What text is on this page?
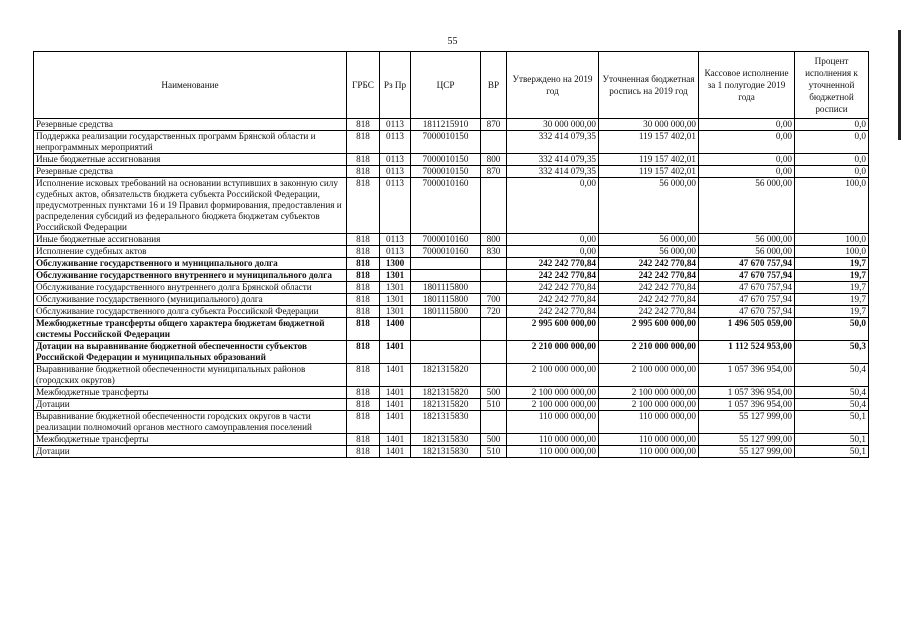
55
Наименование	ГРБС	Рз Пр	ЦСР	ВР	Утверждено на 2019 год	Уточненная бюджетная роспись на 2019 год	Кассовое исполнение за 1 полугодие 2019 года	Процент исполнения к уточненной бюджетной росписи
Резервные средства	818	0113	1811215910	870	30 000 000,00	30 000 000,00	0,00	0,0
Поддержка реализации государственных программ Брянской области и непрограммных мероприятий	818	0113	7000010150		332 414 079,35	119 157 402,01	0,00	0,0
Иные бюджетные ассигнования	818	0113	7000010150	800	332 414 079,35	119 157 402,01	0,00	0,0
Резервные средства	818	0113	7000010150	870	332 414 079,35	119 157 402,01	0,00	0,0
Исполнение исковых требований на основании вступивших в законную силу судебных актов, обязательств бюджета субъекта Российской Федерации, предусмотренных пунктами 16 и 19 Правил формирования, предоставления и распределения субсидий из федерального бюджета бюджетам субъектов Российской Федерации	818	0113	7000010160		0,00	56 000,00	56 000,00	100,0
Иные бюджетные ассигнования	818	0113	7000010160	800	0,00	56 000,00	56 000,00	100,0
Исполнение судебных актов	818	0113	7000010160	830	0,00	56 000,00	56 000,00	100,0
Обслуживание государственного и муниципального долга	818	1300			242 242 770,84	242 242 770,84	47 670 757,94	19,7
Обслуживание государственного внутреннего и муниципального долга	818	1301			242 242 770,84	242 242 770,84	47 670 757,94	19,7
Обслуживание государственного внутреннего долга Брянской области	818	1301	1801115800		242 242 770,84	242 242 770,84	47 670 757,94	19,7
Обслуживание государственного (муниципального) долга	818	1301	1801115800	700	242 242 770,84	242 242 770,84	47 670 757,94	19,7
Обслуживание государственного долга субъекта Российской Федерации	818	1301	1801115800	720	242 242 770,84	242 242 770,84	47 670 757,94	19,7
Межбюджетные трансферты общего характера бюджетам бюджетной системы Российской Федерации	818	1400			2 995 600 000,00	2 995 600 000,00	1 496 505 059,00	50,0
Дотации на выравнивание бюджетной обеспеченности субъектов Российской Федерации и муниципальных образований	818	1401			2 210 000 000,00	2 210 000 000,00	1 112 524 953,00	50,3
Выравнивание бюджетной обеспеченности муниципальных районов (городских округов)	818	1401	1821315820		2 100 000 000,00	2 100 000 000,00	1 057 396 954,00	50,4
Межбюджетные трансферты	818	1401	1821315820	500	2 100 000 000,00	2 100 000 000,00	1 057 396 954,00	50,4
Дотации	818	1401	1821315820	510	2 100 000 000,00	2 100 000 000,00	1 057 396 954,00	50,4
Выравнивание бюджетной обеспеченности городских округов в части реализации полномочий органов местного самоуправления поселений	818	1401	1821315830		110 000 000,00	110 000 000,00	55 127 999,00	50,1
Межбюджетные трансферты	818	1401	1821315830	500	110 000 000,00	110 000 000,00	55 127 999,00	50,1
Дотации	818	1401	1821315830	510	110 000 000,00	110 000 000,00	55 127 999,00	50,1
